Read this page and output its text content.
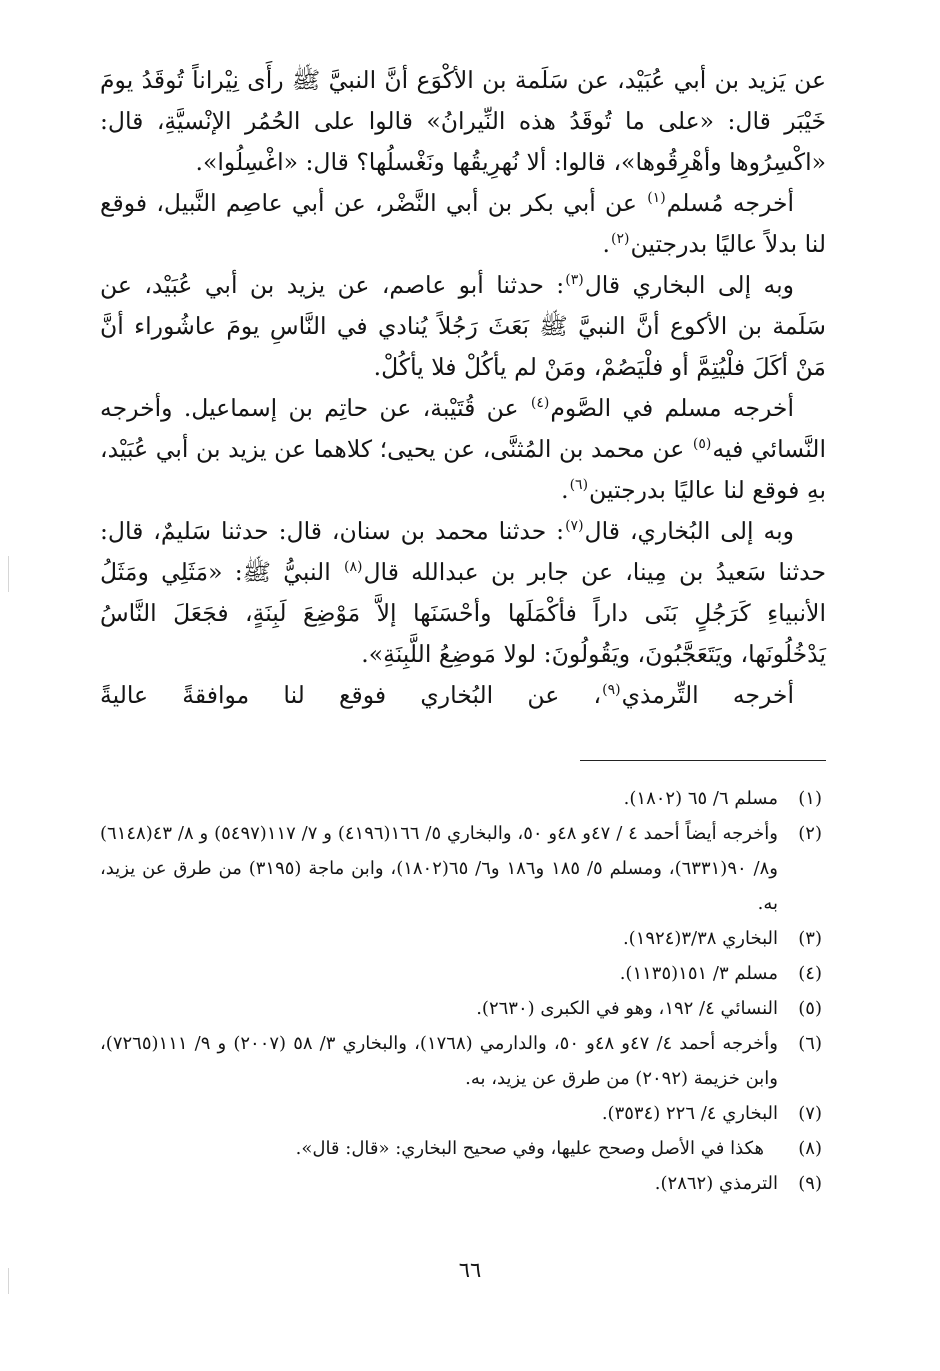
عن يَزيد بن أبي عُبَيْد، عن سَلَمة بن الأكْوَع أنَّ النبيَّ ﷺ رأَى نِيْراناً تُوقَدُ يومَ خَيْبَر قال: «على ما تُوقَدُ هذه النِّيرانُ» قالوا على الحُمُر الإنْسيَّةِ، قال: «اكْسِرُوها وأهْرِقُوها»، قالوا: ألا نُهرِيقُها ونَغْسلُها؟ قال: «اغْسِلُوا».

أخرجه مُسلم$^{(١)}$ عن أبي بكر بن أبي النَّضْر، عن أبي عاصِم النَّبيل، فوقع لنا بدلاً عاليًا بدرجتين$^{(٢)}$.

وبه إلى البخاري قال$^{(٣)}$: حدثنا أبو عاصم، عن يزيد بن أبي عُبَيْد، عن سَلَمة بن الأكوع أنَّ النبيَّ ﷺ بَعَثَ رَجُلاً يُنادي في النَّاسِ يومَ عاشُوراء أنَّ مَنْ أكَلَ فلْيُتِمَّ أو فلْيَصُمْ، ومَنْ لم يأكُلْ فلا يأكُلْ.

أخرجه مسلم في الصَّوم$^{(٤)}$ عن قُتَيْبة، عن حاتِم بن إسماعيل. وأخرجه النَّسائي فيه$^{(٥)}$ عن محمد بن المُثنَّى، عن يحيى؛ كلاهما عن يزيد بن أبي عُبَيْد، بهِ فوقع لنا عاليًا بدرجتين$^{(٦)}$.

وبه إلى البُخاري، قال$^{(٧)}$: حدثنا محمد بن سنان، قال: حدثنا سَليمٌ، قال: حدثنا سَعيدُ بن مِينا، عن جابر بن عبدالله قال$^{(٨)}$ النبيُّ ﷺ: «مَثَلِي ومَثَلُ الأنبياءِ كَرَجُلٍ بَنَى داراً فأكْمَلَها وأحْسَنَها إلاَّ مَوْضِعَ لَبِنَةٍ، فجَعَلَ النَّاسُ يَدْخُلُونَها، ويَتَعَجَّبُونَ، ويَقُولُونَ: لولا مَوضِعُ اللَّبِنَةِ».

أخرجه التِّرمذي$^{(٩)}$، عن البُخاري فوقع لنا موافقةً عاليةً

(١)
مسلم ٦/ ٦٥ (١٨٠٢).
(٢)
وأخرجه أيضاً أحمد ٤ / ٤٧و ٤٨و ٥٠، والبخاري ٥/ ١٦٦(٤١٩٦) و ٧/ ١١٧(٥٤٩٧) و ٨/ ٤٣(٦١٤٨) و٨/ ٩٠(٦٣٣١)، ومسلم ٥/ ١٨٥ و١٨٦ و٦/ ٦٥(١٨٠٢)، وابن ماجة (٣١٩٥) من طرق عن يزيد، به.
(٣)
البخاري ٣/٣٨(١٩٢٤).
(٤)
مسلم ٣/ ١٥١(١١٣٥).
(٥)
النسائي ٤/ ١٩٢، وهو في الكبرى (٢٦٣٠).
(٦)
وأخرجه أحمد ٤/ ٤٧و ٤٨و ٥٠، والدارمي (١٧٦٨)، والبخاري ٣/ ٥٨ (٢٠٠٧) و ٩/ ١١١(٧٢٦٥)، وابن خزيمة (٢٠٩٢) من طرق عن يزيد، به.
(٧)
البخاري ٤/ ٢٢٦ (٣٥٣٤).
(٨)
هكذا في الأصل وصحح عليها، وفي صحيح البخاري: «قال: قال».
(٩)
الترمذي (٢٨٦٢).
٦٦
